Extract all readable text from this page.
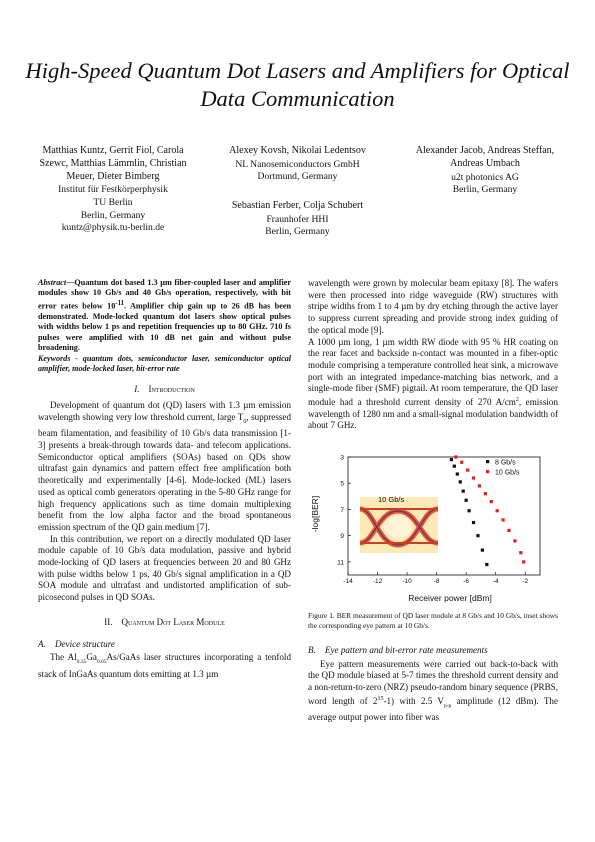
High-Speed Quantum Dot Lasers and Amplifiers for Optical Data Communication
Matthias Kuntz, Gerrit Fiol, Carola Szewc, Matthias Lämmlin, Christian Meuer, Dieter Bimberg
Institut für Festkörperphysik
TU Berlin
Berlin, Germany
kuntz@physik.tu-berlin.de
Alexey Kovsh, Nikolai Ledentsov
NL Nanosemiconductors GmbH
Dortmund, Germany
Sebastian Ferber, Colja Schubert
Fraunhofer HHI
Berlin, Germany
Alexander Jacob, Andreas Steffan, Andreas Umbach
u2t photonics AG
Berlin, Germany

Abstract—Quantum dot based 1.3 µm fiber-coupled laser and amplifier modules show 10 Gb/s and 40 Gb/s operation, respectively, with bit error rates below $10^{-11}$. Amplifier chip gain up to 26 dB has been demonstrated. Mode-locked quantum dot lasers show optical pulses with widths below 1 ps and repetition frequencies up to 80 GHz. 710 fs pulses were amplified with 10 dB net gain and without pulse broadening.

Keywords - quantum dots, semiconductor laser, semiconductor optical amplifier, mode-locked laser, bit-error rate

I. Introduction

Development of quantum dot (QD) lasers with 1.3 µm emission wavelength showing very low threshold current, large $T_0$, suppressed beam filamentation, and feasibility of 10 Gb/s data transmission [1-3] presents a break-through towards data- and telecom applications. Semiconductor optical amplifiers (SOAs) based on QDs show ultrafast gain dynamics and pattern effect free amplification both theoretically and experimentally [4-6]. Mode-locked (ML) lasers used as optical comb generators operating in the 5-80 GHz range for high frequency applications such as time domain multiplexing benefit from the low alpha factor and the broad spontaneous emission spectrum of the QD gain medium [7].

In this contribution, we report on a directly modulated QD laser module capable of 10 Gb/s data modulation, passive and hybrid mode-locking of QD lasers at frequencies between 20 and 80 GHz with pulse widths below 1 ps, 40 Gb/s signal amplification in a QD SOA module and ultrafast and undistorted amplification of sub-picosecond pulses in QD SOAs.

II. Quantum Dot Laser Module
A. Device structure

The $Al_{0.35}Ga_{0.65}As$/GaAs laser structures incorporating a tenfold stack of InGaAs quantum dots emitting at 1.3 µm

wavelength were grown by molecular beam epitaxy [8]. The wafers were then processed into ridge waveguide (RW) structures with stripe widths from 1 to 4 µm by dry etching through the active layer to suppress current spreading and provide strong index guiding of the optical mode [9].

A 1000 µm long, 1 µm width RW diode with 95 % HR coating on the rear facet and backside n-contact was mounted in a fiber-optic module comprising a temperature controlled heat sink, a microwave port with an integrated impedance-matching bias network, and a single-mode fiber (SMF) pigtail. At room temperature, the QD laser module had a threshold current density of 270 $A/cm^2$, emission wavelength of 1280 nm and a small-signal modulation bandwidth of about 7 GHz.

-14	-12	-10	-8	-6	-4	-2
3
5
7
9
11
10 Gb/s
8 Gb/s
10 Gb/s
-log[BER]
Receiver power [dBm]
Figure 1. BER measurement of QD laser module at 8 Gb/s and 10 Gb/s, inset shows the corresponding eye pattern at 10 Gb/s.
B. Eye pattern and bit-error rate measurements

Eye pattern measurements were carried out back-to-back with the QD module biased at 5-7 times the threshold current density and a non-return-to-zero (NRZ) pseudo-random binary sequence (PRBS, word length of $2^{15}-1$) with 2.5 $V_{p-p}$ amplitude (12 dBm). The average output power into fiber was
